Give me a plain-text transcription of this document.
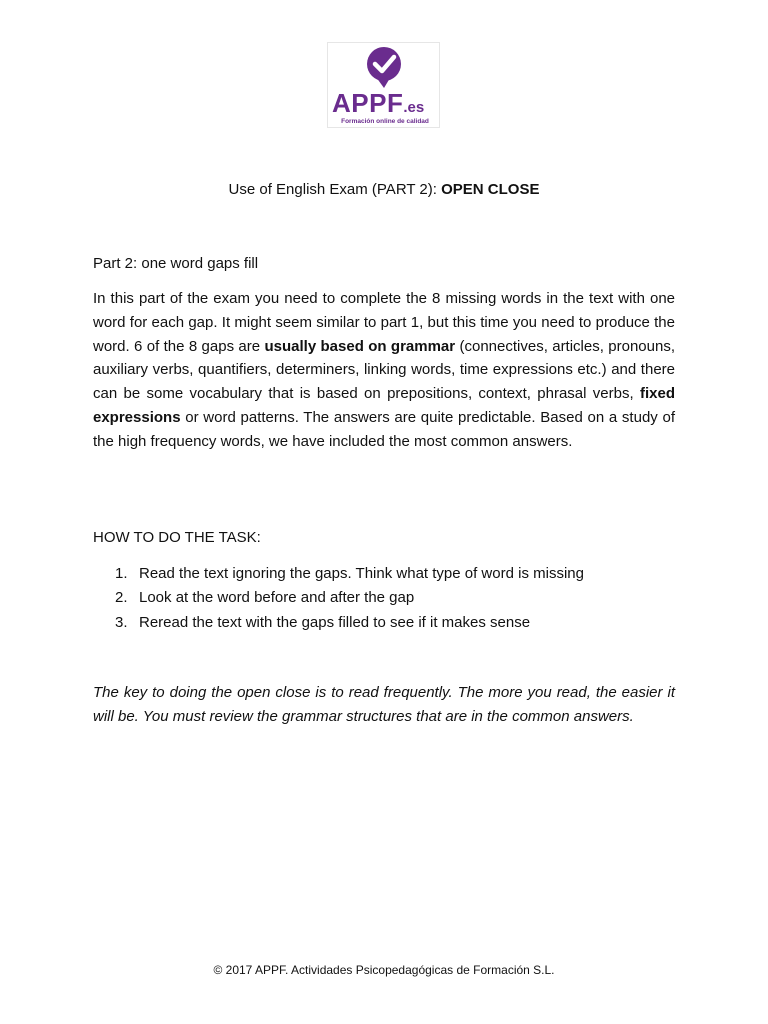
APPF.es
Formación online de calidad
Use of English Exam (PART 2): OPEN CLOSE
Part 2: one word gaps fill
In this part of the exam you need to complete the 8 missing words in the text with one word for each gap. It might seem similar to part 1, but this time you need to produce the word. 6 of the 8 gaps are usually based on grammar (connectives, articles, pronouns, auxiliary verbs, quantifiers, determiners, linking words, time expressions etc.) and there can be some vocabulary that is based on prepositions, context, phrasal verbs, fixed expressions or word patterns. The answers are quite predictable. Based on a study of the high frequency words, we have included the most common answers.
HOW TO DO THE TASK:
1. Read the text ignoring the gaps. Think what type of word is missing
2. Look at the word before and after the gap
3. Reread the text with the gaps filled to see if it makes sense
The key to doing the open close is to read frequently. The more you read, the easier it will be. You must review the grammar structures that are in the common answers.
© 2017 APPF. Actividades Psicopedagógicas de Formación S.L.
